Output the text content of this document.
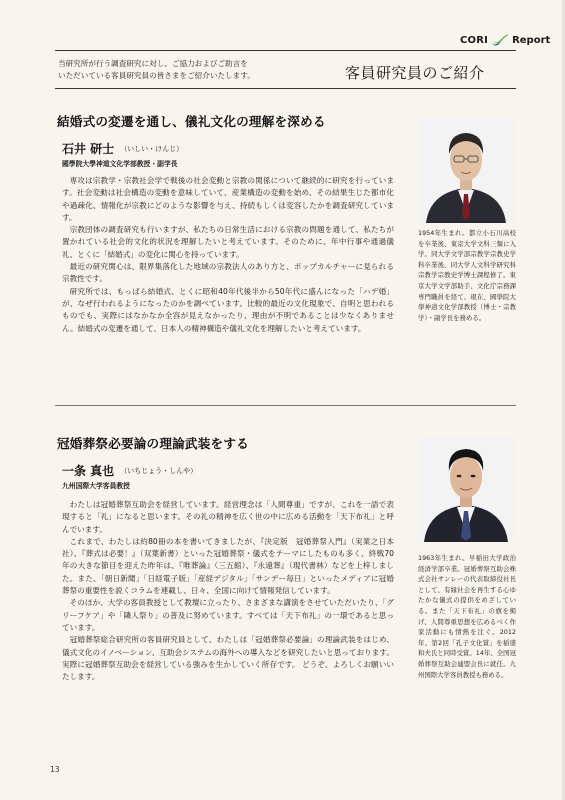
CORI Report
当研究所が行う調査研究に対し、ご協力およびご助言を
いただいている客員研究員の皆さまをご紹介いたします。	客員研究員のご紹介
結婚式の変遷を通し、儀礼文化の理解を深める
石井 研士 （いしい・けんじ）
國學院大學神道文化学部教授・副学長

専攻は宗教学・宗教社会学で戦後の社会変動と宗教の関係について継続的に研究を行っています。社会変動は社会構造の変動を意味していて、産業構造の変動を始め、その結果生じた都市化や過疎化、情報化が宗教にどのような影響を与え、持続もしくは変容したかを調査研究しています。

宗教団体の調査研究も行いますが、私たちの日常生活における宗教の問題を通して、私たちが置かれている社会的文化的状況を理解したいと考えています。そのために、年中行事や通過儀礼、とくに「結婚式」の変化に関心を持っています。

最近の研究関心は、限界集落化した地域の宗教法人のあり方と、ポップカルチャーに見られる宗教性です。

研究所では、もっぱら結婚式、とくに昭和40年代後半から50年代に盛んになった「ハデ婚」が、なぜ行われるようになったのかを調べています。比較的最近の文化現象で、自明と思われるものでも、実際にはなかなか全容が見えなかったり、理由が不明であることは少なくありません。結婚式の変遷を通して、日本人の精神構造や儀礼文化を理解したいと考えています。

1954年生まれ。都立小石川高校を卒業後、東京大学文科三類に入学。同大学文学部宗教学宗教史学科卒業後、同大学人文科学研究科宗教学宗教史学博士課程修了。東京大学文学部助手、文化庁宗務課専門職員を経て、現在、國學院大學神道文化学部教授（博士・宗教学）・副学長を務める。
冠婚葬祭必要論の理論武装をする
一条 真也 （いちじょう・しんや）
九州国際大学客員教授

わたしは冠婚葬祭互助会を経営しています。経営理念は「人間尊重」ですが、これを一語で表現すると「礼」になると思います。その礼の精神を広く世の中に広める活動を「天下布礼」と呼んでいます。

これまで、わたしは約80冊の本を書いてきましたが、『決定版　冠婚葬祭入門』（実業之日本社）、『葬式は必要！』（双葉新書）といった冠婚葬祭・儀式をテーマにしたものも多く、終戦70年の大きな節目を迎えた昨年は、『唯葬論』（三五館）、『永遠葬』（現代書林）などを上梓しました。また、「朝日新聞」「日経電子版」「産経デジタル」「サンデー毎日」といったメディアに冠婚葬祭の重要性を説くコラムを連載し、日々、全国に向けて情報発信しています。

そのほか、大学の客員教授として教壇に立ったり、さまざまな講演をさせていただいたり、「グリーフケア」や「隣人祭り」の普及に努めています。すべては「天下布礼」の一環であると思っています。

冠婚葬祭総合研究所の客員研究員として、わたしは「冠婚葬祭必要論」の理論武装をはじめ、儀式文化のイノベーション、互助会システムの海外への導入などを研究したいと思っております。実際に冠婚葬祭互助会を経営している強みを生かしていく所存です。 どうぞ、よろしくお願いいたします。

1963年生まれ。早稲田大学政治経済学部卒業。冠婚葬祭互助会株式会社サンレーの代表取締役社長として、有縁社会を再生する心ゆたかな儀式の提供をめざしている。また「天下布礼」の旗を掲げ、人間尊重思想を広めるべく作家活動にも情熱を注ぐ。2012年、第2回「孔子文化賞」を稲盛和夫氏と同時受賞。14年、全国冠婚葬祭互助会連盟会長に就任。九州国際大学客員教授も務める。
13
